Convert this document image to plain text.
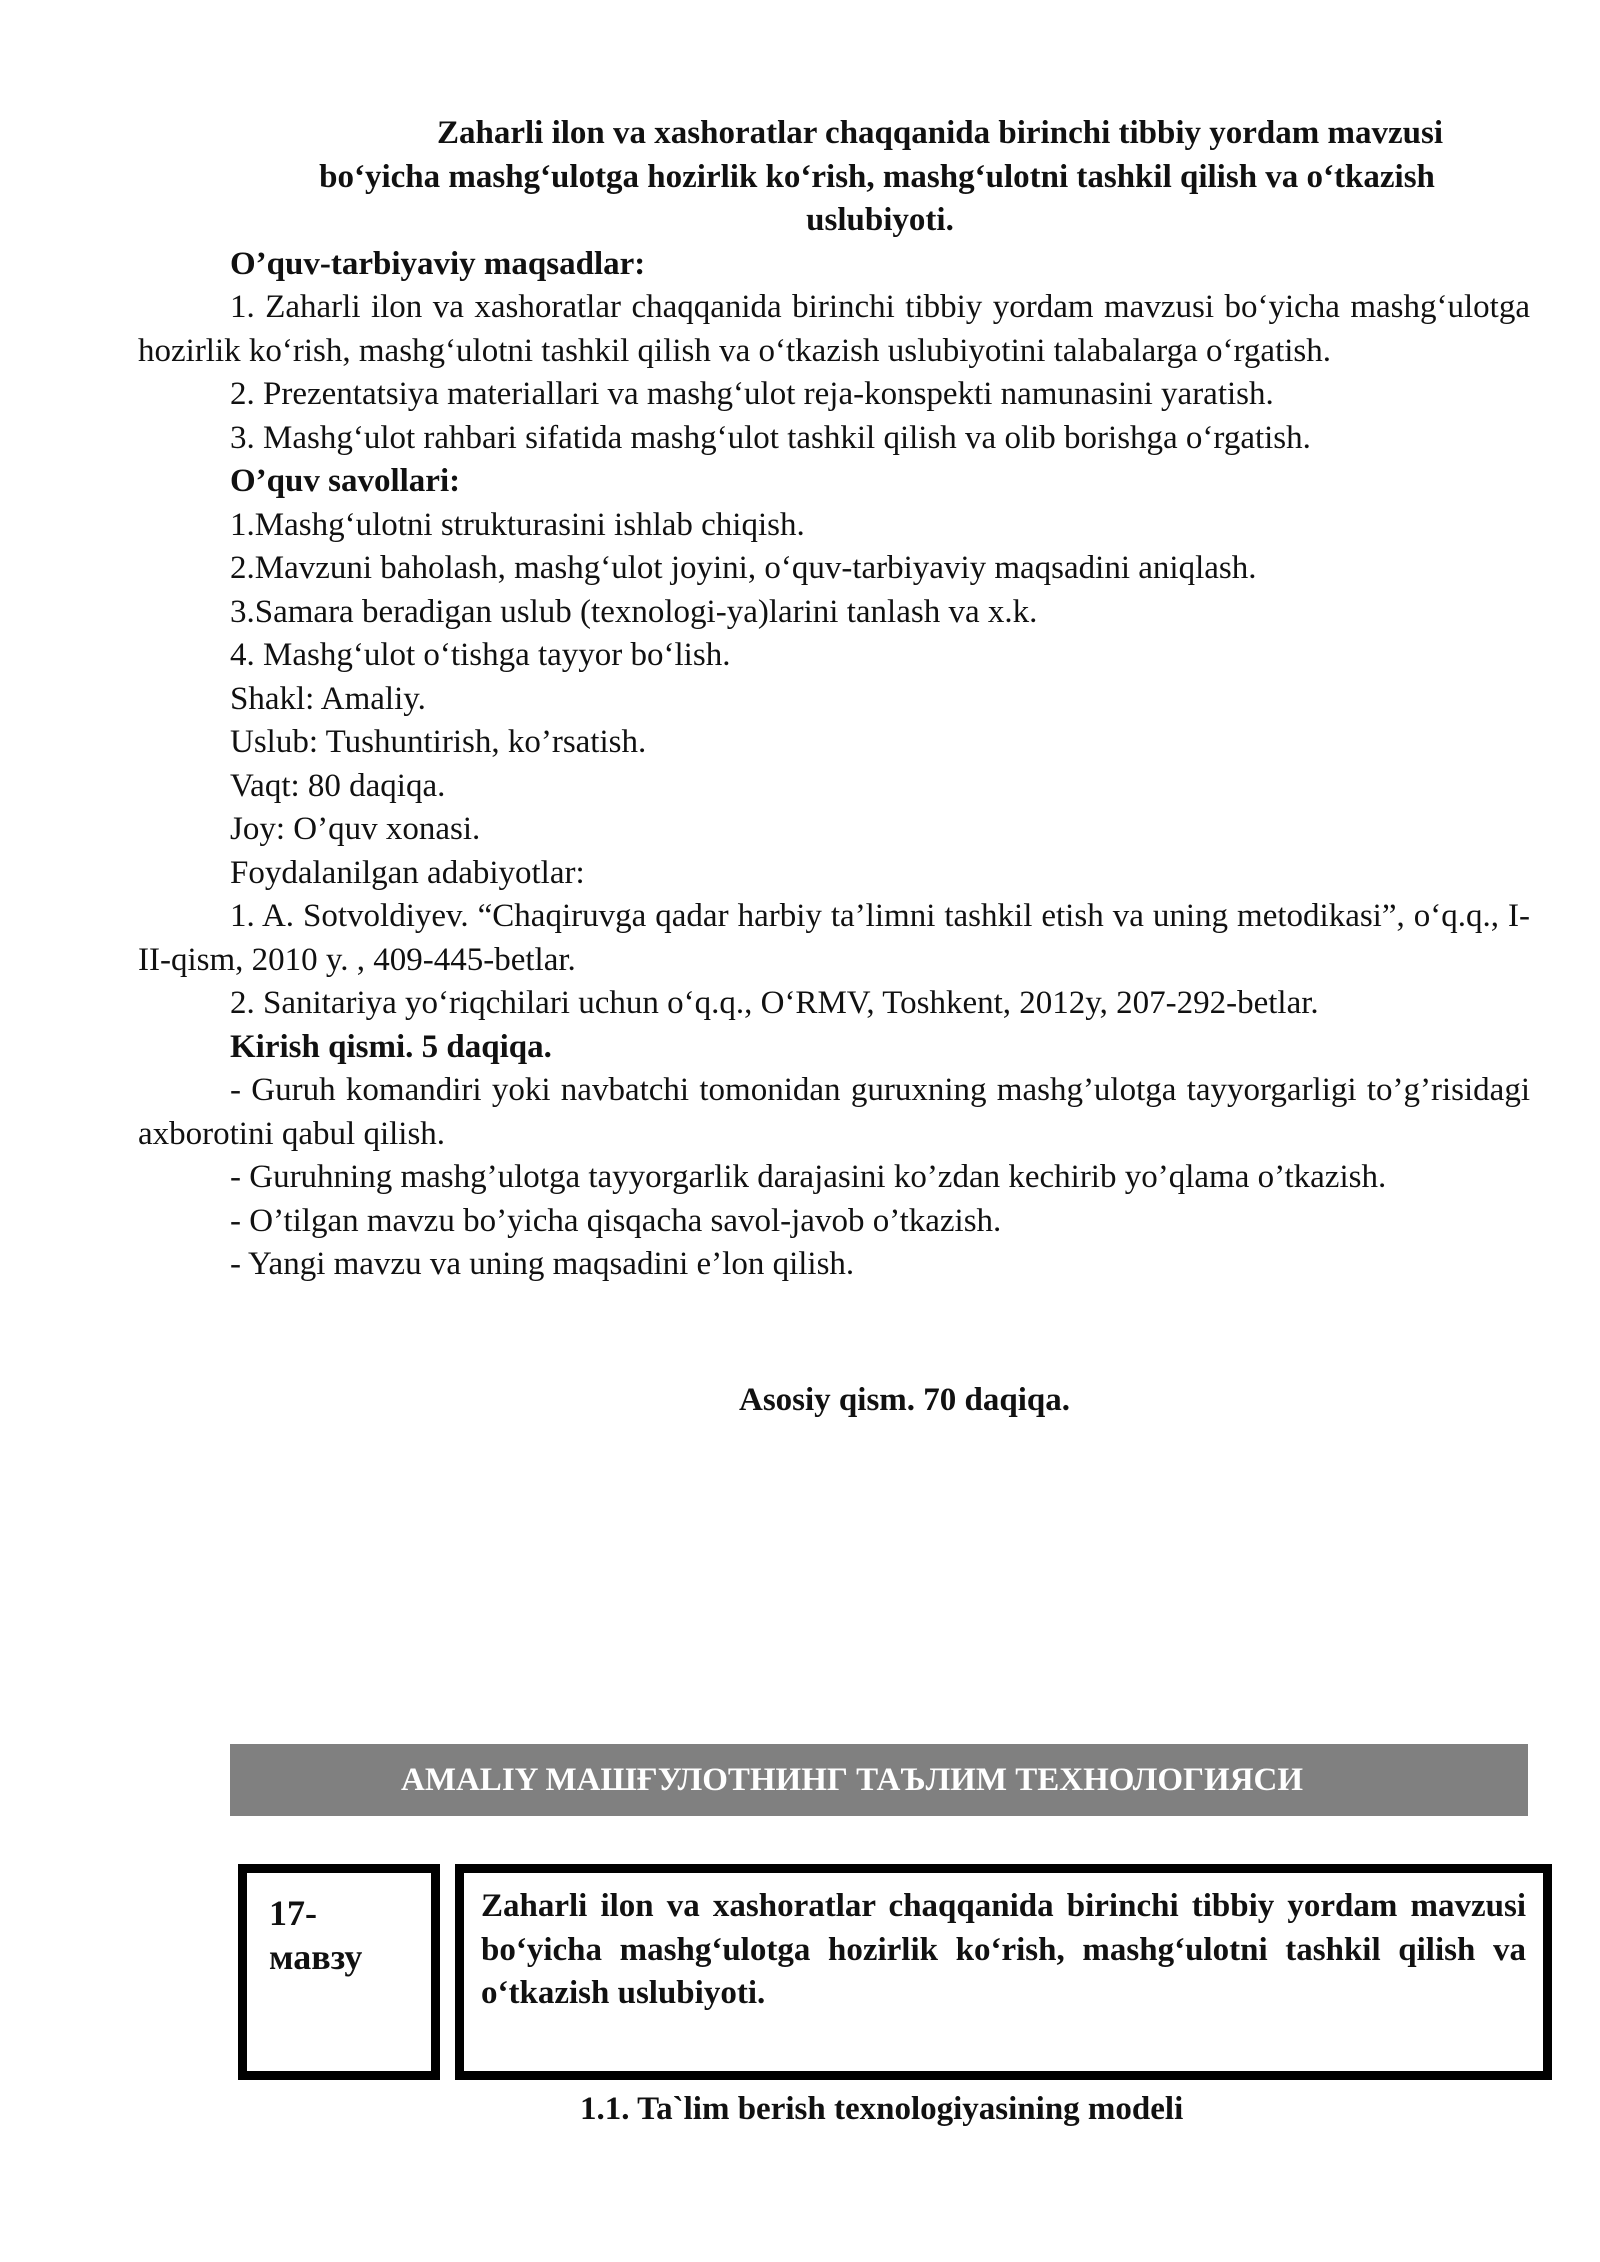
Zaharli ilon va xashoratlar chaqqanida birinchi tibbiy yordam mavzusi

bo‘yicha mashg‘ulotga hozirlik ko‘rish, mashg‘ulotni tashkil qilish va o‘tkazish

uslubiyoti.

O’quv-tarbiyaviy maqsadlar:

1. Zaharli ilon va xashoratlar chaqqanida birinchi tibbiy yordam mavzusi bo‘yicha mashg‘ulotga hozirlik ko‘rish, mashg‘ulotni tashkil qilish va o‘tkazish uslubiyotini talabalarga o‘rgatish.

2. Prezentatsiya materiallari va mashg‘ulot reja-konspekti namunasini yaratish.

3. Mashg‘ulot rahbari sifatida mashg‘ulot tashkil qilish va olib borishga o‘rgatish.

O’quv savollari:

1.Mashg‘ulotni strukturasini ishlab chiqish.

2.Mavzuni baholash, mashg‘ulot joyini, o‘quv-tarbiyaviy maqsadini aniqlash.

3.Samara beradigan uslub (texnologi-ya)larini tanlash va x.k.

4. Mashg‘ulot o‘tishga tayyor bo‘lish.

Shakl: Amaliy.

Uslub: Tushuntirish, ko’rsatish.

Vaqt: 80 daqiqa.

Joy: O’quv xonasi.

Foydalanilgan adabiyotlar:

1. A. Sotvoldiyev. “Chaqiruvga qadar harbiy ta’limni tashkil etish va uning metodikasi”, o‘q.q., I- II-qism, 2010 y. , 409-445-betlar.

2. Sanitariya yo‘riqchilari uchun o‘q.q., O‘RMV, Toshkent, 2012y, 207-292-betlar.

Kirish qismi. 5 daqiqa.

- Guruh komandiri yoki navbatchi tomonidan guruxning mashg’ulotga tayyorgarligi to’g’risidagi axborotini qabul qilish.

- Guruhning mashg’ulotga tayyorgarlik darajasini ko’zdan kechirib yo’qlama o’tkazish.

- O’tilgan mavzu bo’yicha qisqacha savol-javob o’tkazish.

- Yangi mavzu va uning maqsadini e’lon qilish.

Asosiy qism. 70 daqiqa.

AMALIY МАШҒУЛОТНИНГ ТАЪЛИМ ТЕХНОЛОГИЯСИ
17-
мавзу
Zaharli ilon va xashoratlar chaqqanida birinchi tibbiy yordam mavzusi bo‘yicha mashg‘ulotga hozirlik ko‘rish, mashg‘ulotni tashkil qilish va o‘tkazish uslubiyoti.
1.1. Ta`lim berish texnologiyasining modeli
